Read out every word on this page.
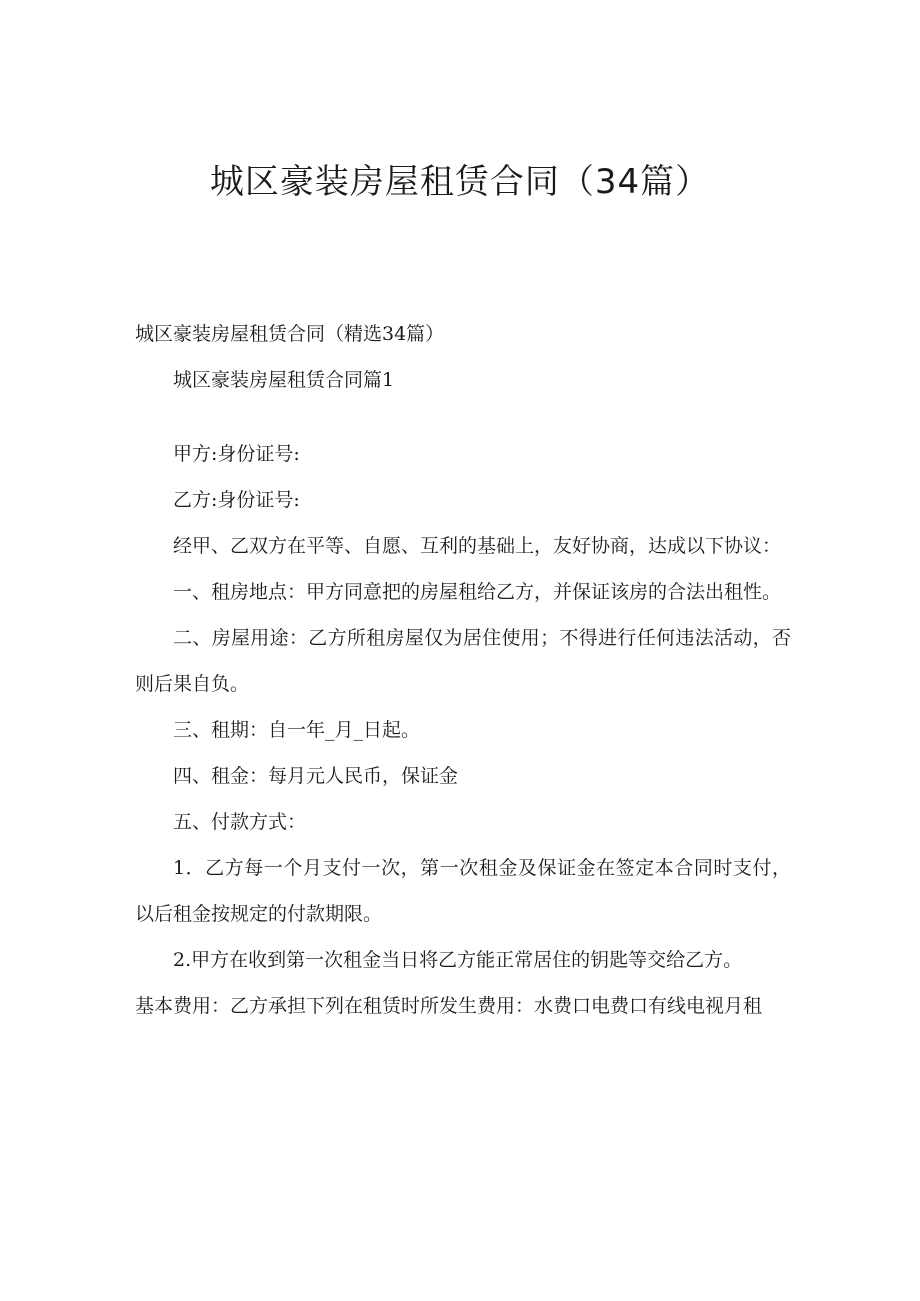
城区豪装房屋租赁合同（34篇）

城区豪装房屋租赁合同（精选34篇）

城区豪装房屋租赁合同篇1

甲方:身份证号:

乙方:身份证号:

经甲、乙双方在平等、自愿、互利的基础上，友好协商，达成以下协议：

一、租房地点：甲方同意把的房屋租给乙方，并保证该房的合法出租性。

二、房屋用途：乙方所租房屋仅为居住使用；不得进行任何违法活动，否则后果自负。

三、租期：自一年_月_日起。

四、租金：每月元人民币，保证金

五、付款方式：

1．乙方每一个月支付一次，第一次租金及保证金在签定本合同时支付，以后租金按规定的付款期限。

2.甲方在收到第一次租金当日将乙方能正常居住的钥匙等交给乙方。

基本费用：乙方承担下列在租赁时所发生费用：水费口电费口有线电视月租
